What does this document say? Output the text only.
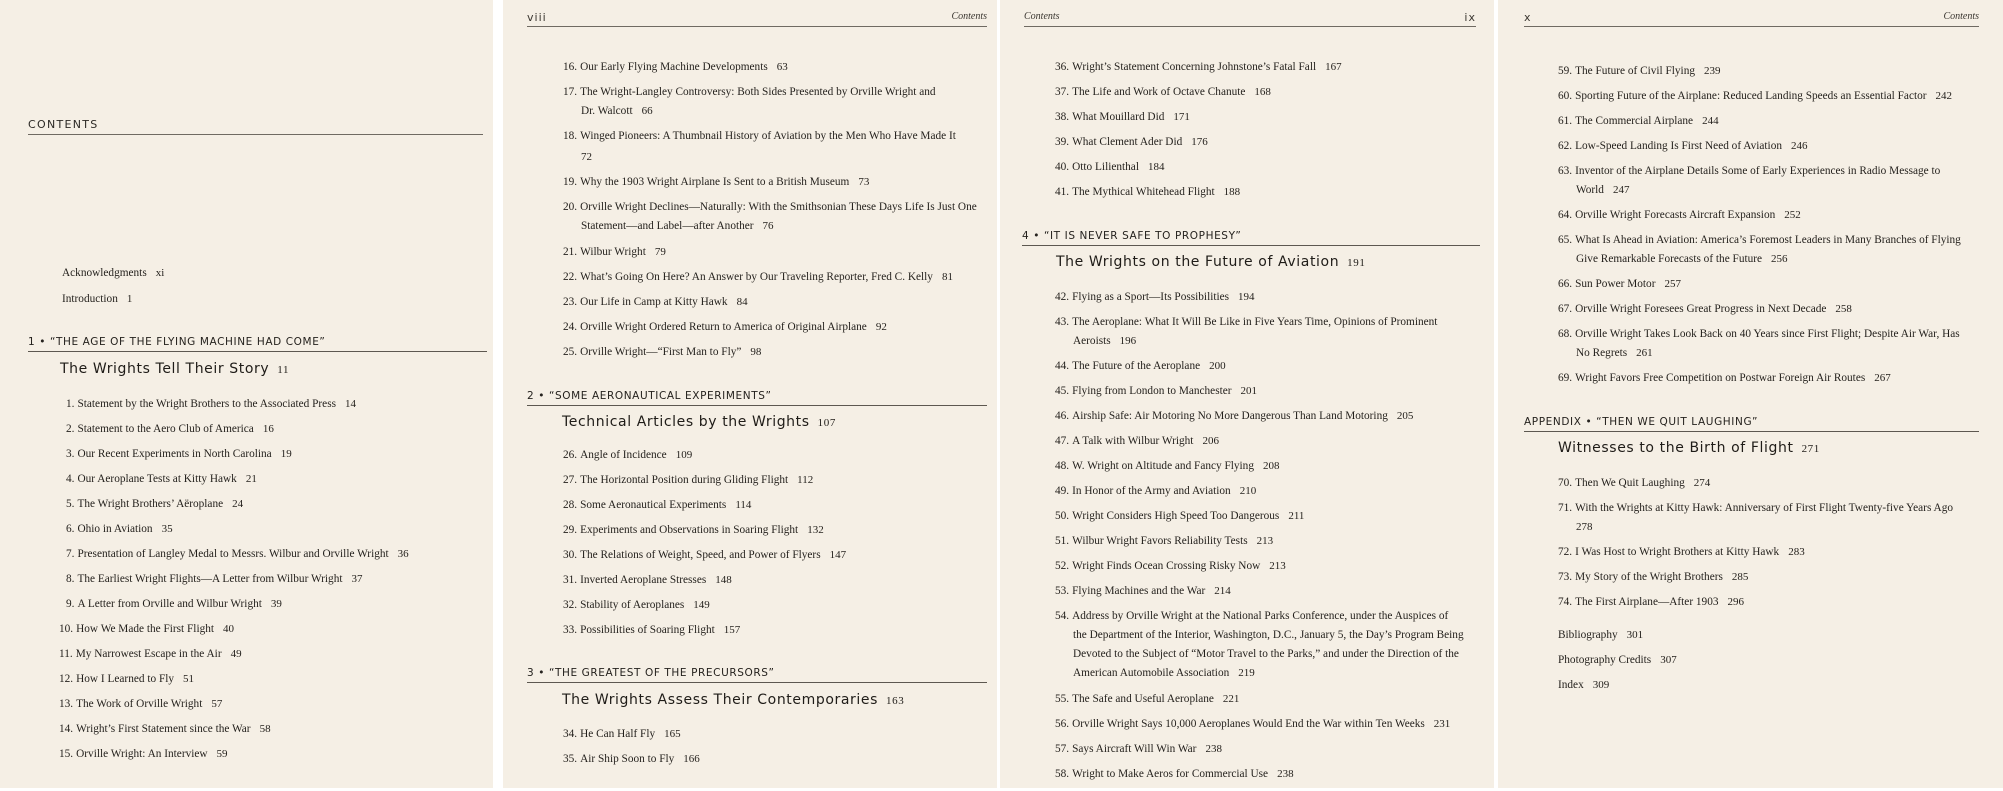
CONTENTS
Acknowledgments xi
Introduction 1
1 • “THE AGE OF THE FLYING MACHINE HAD COME”
The Wrights Tell Their Story 11
1. Statement by the Wright Brothers to the Associated Press 14
2. Statement to the Aero Club of America 16
3. Our Recent Experiments in North Carolina 19
4. Our Aeroplane Tests at Kitty Hawk 21
5. The Wright Brothers’ Aëroplane 24
6. Ohio in Aviation 35
7. Presentation of Langley Medal to Messrs. Wilbur and Orville Wright 36
8. The Earliest Wright Flights—A Letter from Wilbur Wright 37
9. A Letter from Orville and Wilbur Wright 39
10. How We Made the First Flight 40
11. My Narrowest Escape in the Air 49
12. How I Learned to Fly 51
13. The Work of Orville Wright 57
14. Wright’s First Statement since the War 58
15. Orville Wright: An Interview 59
viii	Contents
16. Our Early Flying Machine Developments 63
17. The Wright-Langley Controversy: Both Sides Presented by Orville Wright and
Dr. Walcott 66
18. Winged Pioneers: A Thumbnail History of Aviation by the Men Who Have Made It
72
19. Why the 1903 Wright Airplane Is Sent to a British Museum 73
20. Orville Wright Declines—Naturally: With the Smithsonian These Days Life Is Just One
Statement—and Label—after Another 76
21. Wilbur Wright 79
22. What’s Going On Here? An Answer by Our Traveling Reporter, Fred C. Kelly 81
23. Our Life in Camp at Kitty Hawk 84
24. Orville Wright Ordered Return to America of Original Airplane 92
25. Orville Wright—“First Man to Fly” 98
2 • “SOME AERONAUTICAL EXPERIMENTS”
Technical Articles by the Wrights 107
26. Angle of Incidence 109
27. The Horizontal Position during Gliding Flight 112
28. Some Aeronautical Experiments 114
29. Experiments and Observations in Soaring Flight 132
30. The Relations of Weight, Speed, and Power of Flyers 147
31. Inverted Aeroplane Stresses 148
32. Stability of Aeroplanes 149
33. Possibilities of Soaring Flight 157
3 • “THE GREATEST OF THE PRECURSORS”
The Wrights Assess Their Contemporaries 163
34. He Can Half Fly 165
35. Air Ship Soon to Fly 166
ix
Contents
36. Wright’s Statement Concerning Johnstone’s Fatal Fall 167
37. The Life and Work of Octave Chanute 168
38. What Mouillard Did 171
39. What Clement Ader Did 176
40. Otto Lilienthal 184
41. The Mythical Whitehead Flight 188
4 • “IT IS NEVER SAFE TO PROPHESY”
The Wrights on the Future of Aviation 191
42. Flying as a Sport—Its Possibilities 194
43. The Aeroplane: What It Will Be Like in Five Years Time, Opinions of Prominent
Aeroists 196
44. The Future of the Aeroplane 200
45. Flying from London to Manchester 201
46. Airship Safe: Air Motoring No More Dangerous Than Land Motoring 205
47. A Talk with Wilbur Wright 206
48. W. Wright on Altitude and Fancy Flying 208
49. In Honor of the Army and Aviation 210
50. Wright Considers High Speed Too Dangerous 211
51. Wilbur Wright Favors Reliability Tests 213
52. Wright Finds Ocean Crossing Risky Now 213
53. Flying Machines and the War 214
54. Address by Orville Wright at the National Parks Conference, under the Auspices of
the Department of the Interior, Washington, D.C., January 5, the Day’s Program Being
Devoted to the Subject of “Motor Travel to the Parks,” and under the Direction of the
American Automobile Association 219
55. The Safe and Useful Aeroplane 221
56. Orville Wright Says 10,000 Aeroplanes Would End the War within Ten Weeks 231
57. Says Aircraft Will Win War 238
58. Wright to Make Aeros for Commercial Use 238
x	Contents
59. The Future of Civil Flying 239
60. Sporting Future of the Airplane: Reduced Landing Speeds an Essential Factor 242
61. The Commercial Airplane 244
62. Low-Speed Landing Is First Need of Aviation 246
63. Inventor of the Airplane Details Some of Early Experiences in Radio Message to
World 247
64. Orville Wright Forecasts Aircraft Expansion 252
65. What Is Ahead in Aviation: America’s Foremost Leaders in Many Branches of Flying
Give Remarkable Forecasts of the Future 256
66. Sun Power Motor 257
67. Orville Wright Foresees Great Progress in Next Decade 258
68. Orville Wright Takes Look Back on 40 Years since First Flight; Despite Air War, Has
No Regrets 261
69. Wright Favors Free Competition on Postwar Foreign Air Routes 267
APPENDIX • “THEN WE QUIT LAUGHING”
Witnesses to the Birth of Flight 271
70. Then We Quit Laughing 274
71. With the Wrights at Kitty Hawk: Anniversary of First Flight Twenty-five Years Ago
278
72. I Was Host to Wright Brothers at Kitty Hawk 283
73. My Story of the Wright Brothers 285
74. The First Airplane—After 1903 296
Bibliography 301
Photography Credits 307
Index 309
